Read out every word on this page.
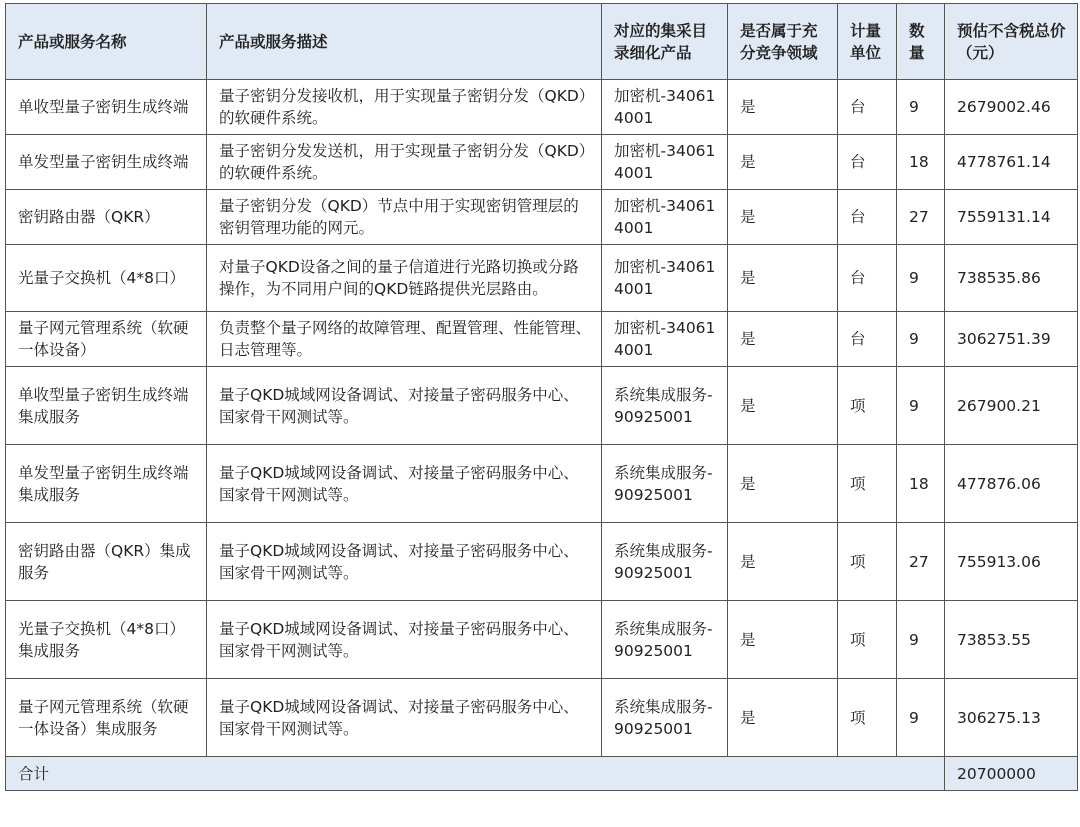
产品或服务名称	产品或服务描述	对应的集采目录细化产品	是否属于充分竞争领域	计量单位	数量	预估不含税总价（元）
单收型量子密钥生成终端	量子密钥分发接收机，用于实现量子密钥分发（QKD）的软硬件系统。	加密机-340614001	是	台	9	2679002.46
单发型量子密钥生成终端	量子密钥分发发送机，用于实现量子密钥分发（QKD）的软硬件系统。	加密机-340614001	是	台	18	4778761.14
密钥路由器（QKR）	量子密钥分发（QKD）节点中用于实现密钥管理层的密钥管理功能的网元。	加密机-340614001	是	台	27	7559131.14
光量子交换机（4*8口）	对量子QKD设备之间的量子信道进行光路切换或分路操作，为不同用户间的QKD链路提供光层路由。	加密机-340614001	是	台	9	738535.86
量子网元管理系统（软硬一体设备）	负责整个量子网络的故障管理、配置管理、性能管理、日志管理等。	加密机-340614001	是	台	9	3062751.39
单收型量子密钥生成终端集成服务	量子QKD城域网设备调试、对接量子密码服务中心、国家骨干网测试等。	系统集成服务-90925001	是	项	9	267900.21
单发型量子密钥生成终端集成服务	量子QKD城域网设备调试、对接量子密码服务中心、国家骨干网测试等。	系统集成服务-90925001	是	项	18	477876.06
密钥路由器（QKR）集成服务	量子QKD城域网设备调试、对接量子密码服务中心、国家骨干网测试等。	系统集成服务-90925001	是	项	27	755913.06
光量子交换机（4*8口）集成服务	量子QKD城域网设备调试、对接量子密码服务中心、国家骨干网测试等。	系统集成服务-90925001	是	项	9	73853.55
量子网元管理系统（软硬一体设备）集成服务	量子QKD城域网设备调试、对接量子密码服务中心、国家骨干网测试等。	系统集成服务-90925001	是	项	9	306275.13
合计						20700000
